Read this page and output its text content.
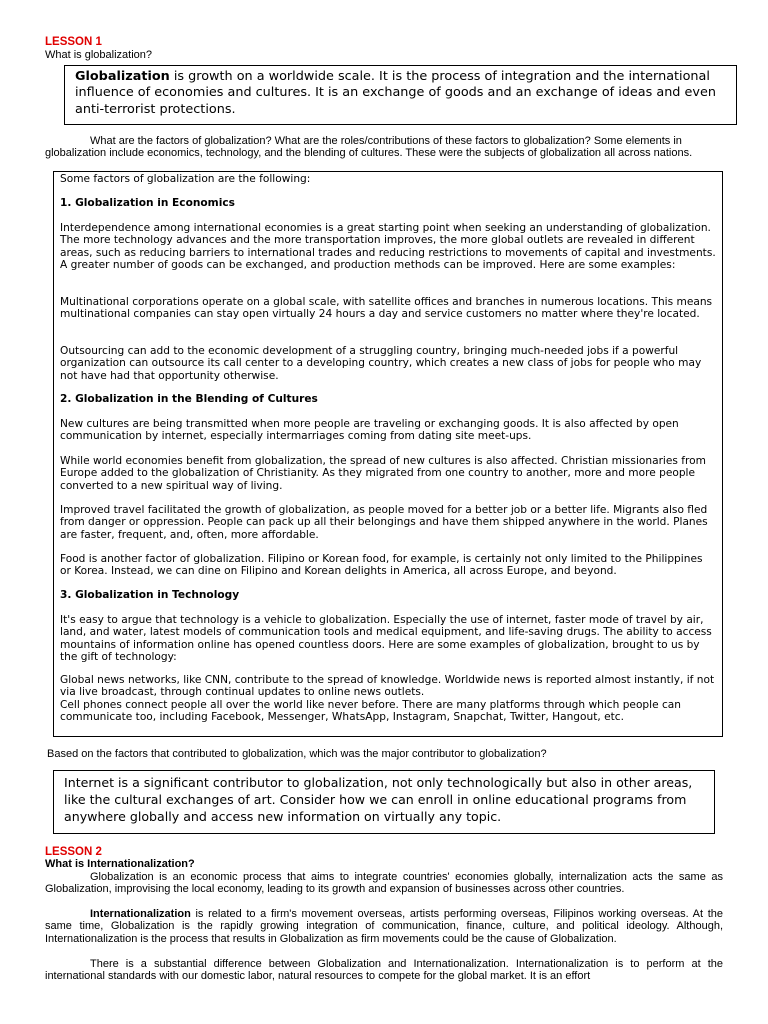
LESSON 1
What is globalization?

Globalization is growth on a worldwide scale. It is the process of integration and the international influence of economies and cultures. It is an exchange of goods and an exchange of ideas and even anti-terrorist protections.

What are the factors of globalization? What are the roles/contributions of these factors to globalization? Some elements in globalization include economics, technology, and the blending of cultures. These were the subjects of globalization all across nations.

Some factors of globalization are the following:

1. Globalization in Economics

Interdependence among international economies is a great starting point when seeking an understanding of globalization. The more technology advances and the more transportation improves, the more global outlets are revealed in different areas, such as reducing barriers to international trades and reducing restrictions to movements of capital and investments. A greater number of goods can be exchanged, and production methods can be improved. Here are some examples:

Multinational corporations operate on a global scale, with satellite offices and branches in numerous locations. This means multinational companies can stay open virtually 24 hours a day and service customers no matter where they're located.

Outsourcing can add to the economic development of a struggling country, bringing much-needed jobs if a powerful organization can outsource its call center to a developing country, which creates a new class of jobs for people who may not have had that opportunity otherwise.

2. Globalization in the Blending of Cultures

New cultures are being transmitted when more people are traveling or exchanging goods. It is also affected by open communication by internet, especially intermarriages coming from dating site meet-ups.

While world economies benefit from globalization, the spread of new cultures is also affected. Christian missionaries from Europe added to the globalization of Christianity. As they migrated from one country to another, more and more people converted to a new spiritual way of living.

Improved travel facilitated the growth of globalization, as people moved for a better job or a better life. Migrants also fled from danger or oppression. People can pack up all their belongings and have them shipped anywhere in the world. Planes are faster, frequent, and, often, more affordable.

Food is another factor of globalization. Filipino or Korean food, for example, is certainly not only limited to the Philippines or Korea. Instead, we can dine on Filipino and Korean delights in America, all across Europe, and beyond.

3. Globalization in Technology

It's easy to argue that technology is a vehicle to globalization. Especially the use of internet, faster mode of travel by air, land, and water, latest models of communication tools and medical equipment, and life-saving drugs. The ability to access mountains of information online has opened countless doors. Here are some examples of globalization, brought to us by the gift of technology:

Global news networks, like CNN, contribute to the spread of knowledge. Worldwide news is reported almost instantly, if not via live broadcast, through continual updates to online news outlets.

Cell phones connect people all over the world like never before. There are many platforms through which people can communicate too, including Facebook, Messenger, WhatsApp, Instagram, Snapchat, Twitter, Hangout, etc.

Based on the factors that contributed to globalization, which was the major contributor to globalization?

Internet is a significant contributor to globalization, not only technologically but also in other areas, like the cultural exchanges of art. Consider how we can enroll in online educational programs from anywhere globally and access new information on virtually any topic.

LESSON 2
What is Internationalization?

Globalization is an economic process that aims to integrate countries' economies globally, internalization acts the same as Globalization, improvising the local economy, leading to its growth and expansion of businesses across other countries.

Internationalization is related to a firm's movement overseas, artists performing overseas, Filipinos working overseas. At the same time, Globalization is the rapidly growing integration of communication, finance, culture, and political ideology. Although, Internationalization is the process that results in Globalization as firm movements could be the cause of Globalization.

There is a substantial difference between Globalization and Internationalization. Internationalization is to perform at the international standards with our domestic labor, natural resources to compete for the global market. It is an effort
